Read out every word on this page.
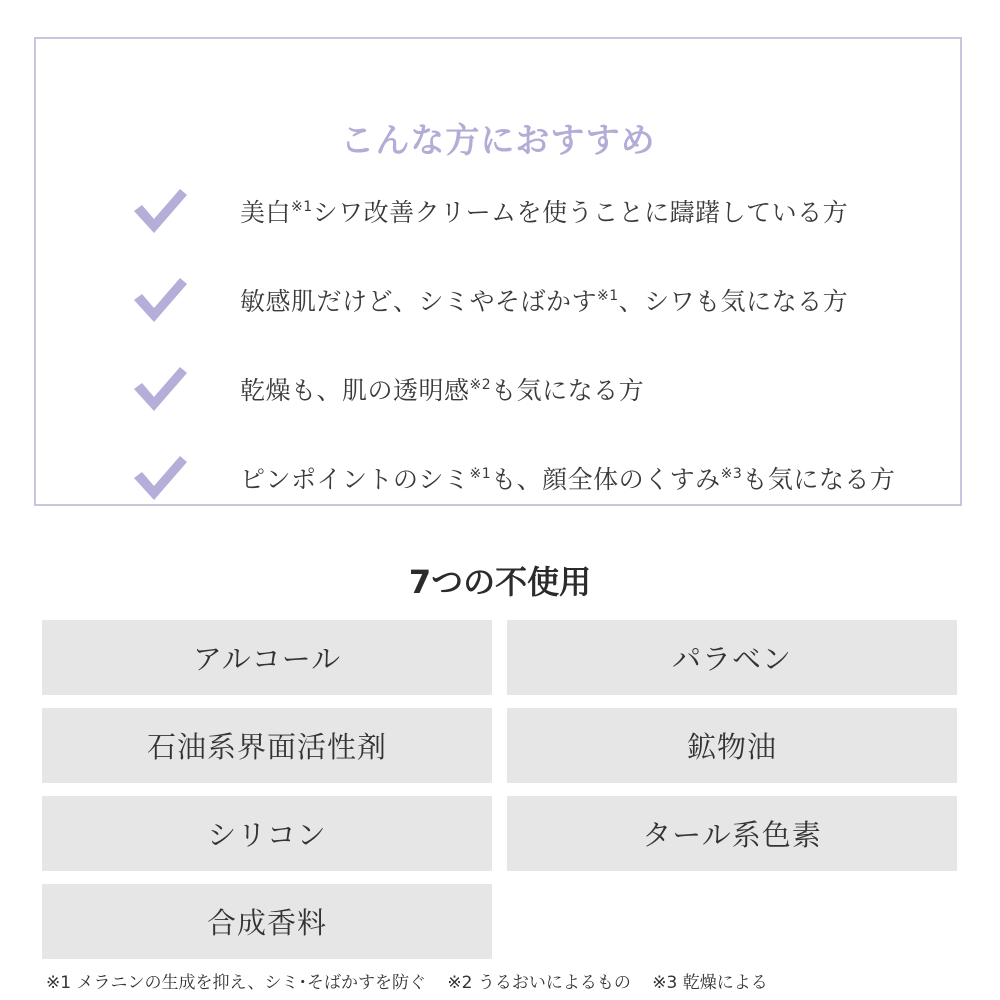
こんな方におすすめ
美白$^{※1}$シワ改善クリームを使うことに躊躇している方
敏感肌だけど、シミやそばかす$^{※1}$、シワも気になる方
乾燥も、肌の透明感$^{※2}$も気になる方
ピンポイントのシミ$^{※1}$も、顔全体のくすみ$^{※3}$も気になる方
7つの不使用
アルコール	パラベン
石油系界面活性剤	鉱物油
シリコン	タール系色素
合成香料
※1 メラニンの生成を抑え、シミ･そばかすを防ぐ ※2 うるおいによるもの ※3 乾燥による
